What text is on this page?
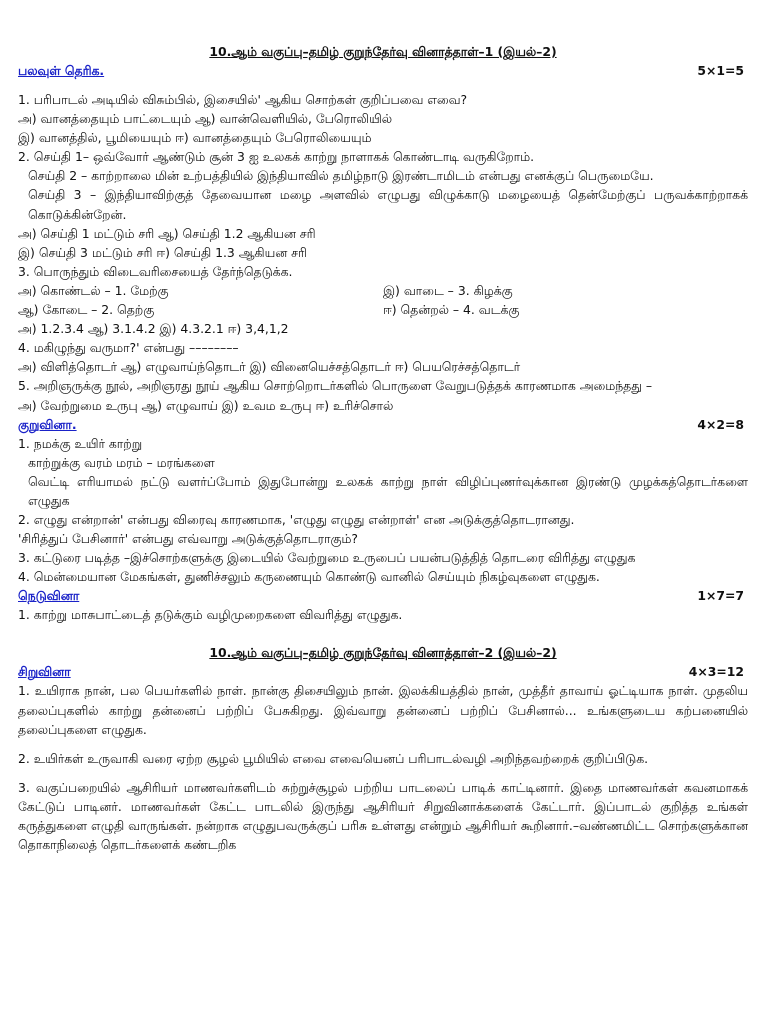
10.ஆம் வகுப்பு–தமிழ் குறுந்தேர்வு வினாத்தாள்–1 (இயல்–2)

பலவுள் தெரிக.	5×1=5

1. பரிபாடல் அடியில் விசும்பில், இசையில்' ஆகிய சொற்கள் குறிப்பவை எவை?

அ) வானத்தையும் பாட்டையும் ஆ) வான்வெளியில், பேரொலியில்

இ) வானத்தில், பூமியையும் ஈ) வானத்தையும் பேரொலியையும்

2. செய்தி 1– ஒவ்வோர் ஆண்டும் சூன் 3 ஐ உலகக் காற்று நாளாகக் கொண்டாடி வருகிறோம்.

செய்தி 2 – காற்றாலை மின் உற்பத்தியில் இந்தியாவில் தமிழ்நாடு இரண்டாமிடம் என்பது எனக்குப் பெருமையே.

செய்தி 3 – இந்தியாவிற்குத் தேவையான மழை அளவில் எழுபது விழுக்காடு மழையைத் தென்மேற்குப் பருவக்காற்றாகக் கொடுக்கின்றேன்.

அ) செய்தி 1 மட்டும் சரி ஆ) செய்தி 1.2 ஆகியன சரி

இ) செய்தி 3 மட்டும் சரி ஈ) செய்தி 1.3 ஆகியன சரி

3. பொருந்தும் விடைவரிசையைத் தேர்ந்தெடுக்க.

அ) கொண்டல் – 1. மேற்கு	இ) வாடை – 3. கிழக்கு
ஆ) கோடை – 2. தெற்கு	ஈ) தென்றல் – 4. வடக்கு

அ) 1.2.3.4 ஆ) 3.1.4.2 இ) 4.3.2.1 ஈ) 3,4,1,2

4. மகிழுந்து வருமா?' என்பது ––––––––

அ) விளித்தொடர் ஆ) எழுவாய்ந்தொடர் இ) வினையெச்சத்தொடர் ஈ) பெயரெச்சத்தொடர்

5. அறிஞருக்கு நூல், அறிஞரது நூய் ஆகிய சொற்றொடர்களில் பொருளை வேறுபடுத்தக் காரணமாக அமைந்தது –

அ) வேற்றுமை உருபு ஆ) எழுவாய் இ) உவம உருபு ஈ) உரிச்சொல்

குறுவினா.	4×2=8

1. நமக்கு உயிர் காற்று

காற்றுக்கு வரம் மரம் – மரங்களை

வெட்டி எரியாமல் நட்டு வளர்ப்போம் இதுபோன்று உலகக் காற்று நாள் விழிப்புணர்வுக்கான இரண்டு முழக்கத்தொடர்களை எழுதுக

2. எழுது என்றான்' என்பது விரைவு காரணமாக, 'எழுது எழுது என்றாள்' என அடுக்குத்தொடரானது.

'சிரித்துப் பேசினார்' என்பது எவ்வாறு அடுக்குத்தொடராகும்?

3. கட்டுரை படித்த –இச்சொற்களுக்கு இடையில் வேற்றுமை உருபைப் பயன்படுத்தித் தொடரை விரித்து எழுதுக

4. மென்மையான மேகங்கள், துணிச்சலும் கருணையும் கொண்டு வானில் செய்யும் நிகழ்வுகளை எழுதுக.

நெடுவினா	1×7=7

1. காற்று மாசுபாட்டைத் தடுக்கும் வழிமுறைகளை விவரித்து எழுதுக.

10.ஆம் வகுப்பு–தமிழ் குறுந்தேர்வு வினாத்தாள்–2 (இயல்–2)

சிறுவினா	4×3=12

1. உயிராக நான், பல பெயர்களில் நாள். நான்கு திசையிலும் நான். இலக்கியத்தில் நான், முத்தீர் தாவாய் ஓட்டியாக நாள். முதலிய தலைப்புகளில் காற்று தன்னைப் பற்றிப் பேசுகிறது. இவ்வாறு தன்னைப் பற்றிப் பேசினால்... உங்களுடைய கற்பனையில் தலைப்புகளை எழுதுக.

2. உயிர்கள் உருவாகி வரை ஏற்ற சூழல் பூமியில் எவை எவையெனப் பரிபாடல்வழி அறிந்தவற்றைக் குறிப்பிடுக.

3. வகுப்பறையில் ஆசிரியர் மாணவர்களிடம் சுற்றுச்சூழல் பற்றிய பாடலைப் பாடிக் காட்டினார். இதை மாணவர்கள் கவனமாகக் கேட்டுப் பாடினர். மாணவர்கள் கேட்ட பாடலில் இருந்து ஆசிரியர் சிறுவினாக்களைக் கேட்டார். இப்பாடல் குறித்த உங்கள் கருத்துகளை எழுதி வாருங்கள். நன்றாக எழுதுபவருக்குப் பரிசு உள்ளது என்றும் ஆசிரியர் கூறினார்.–வண்ணமிட்ட சொற்களுக்கான தொகாநிலைத் தொடர்களைக் கண்டறிக
